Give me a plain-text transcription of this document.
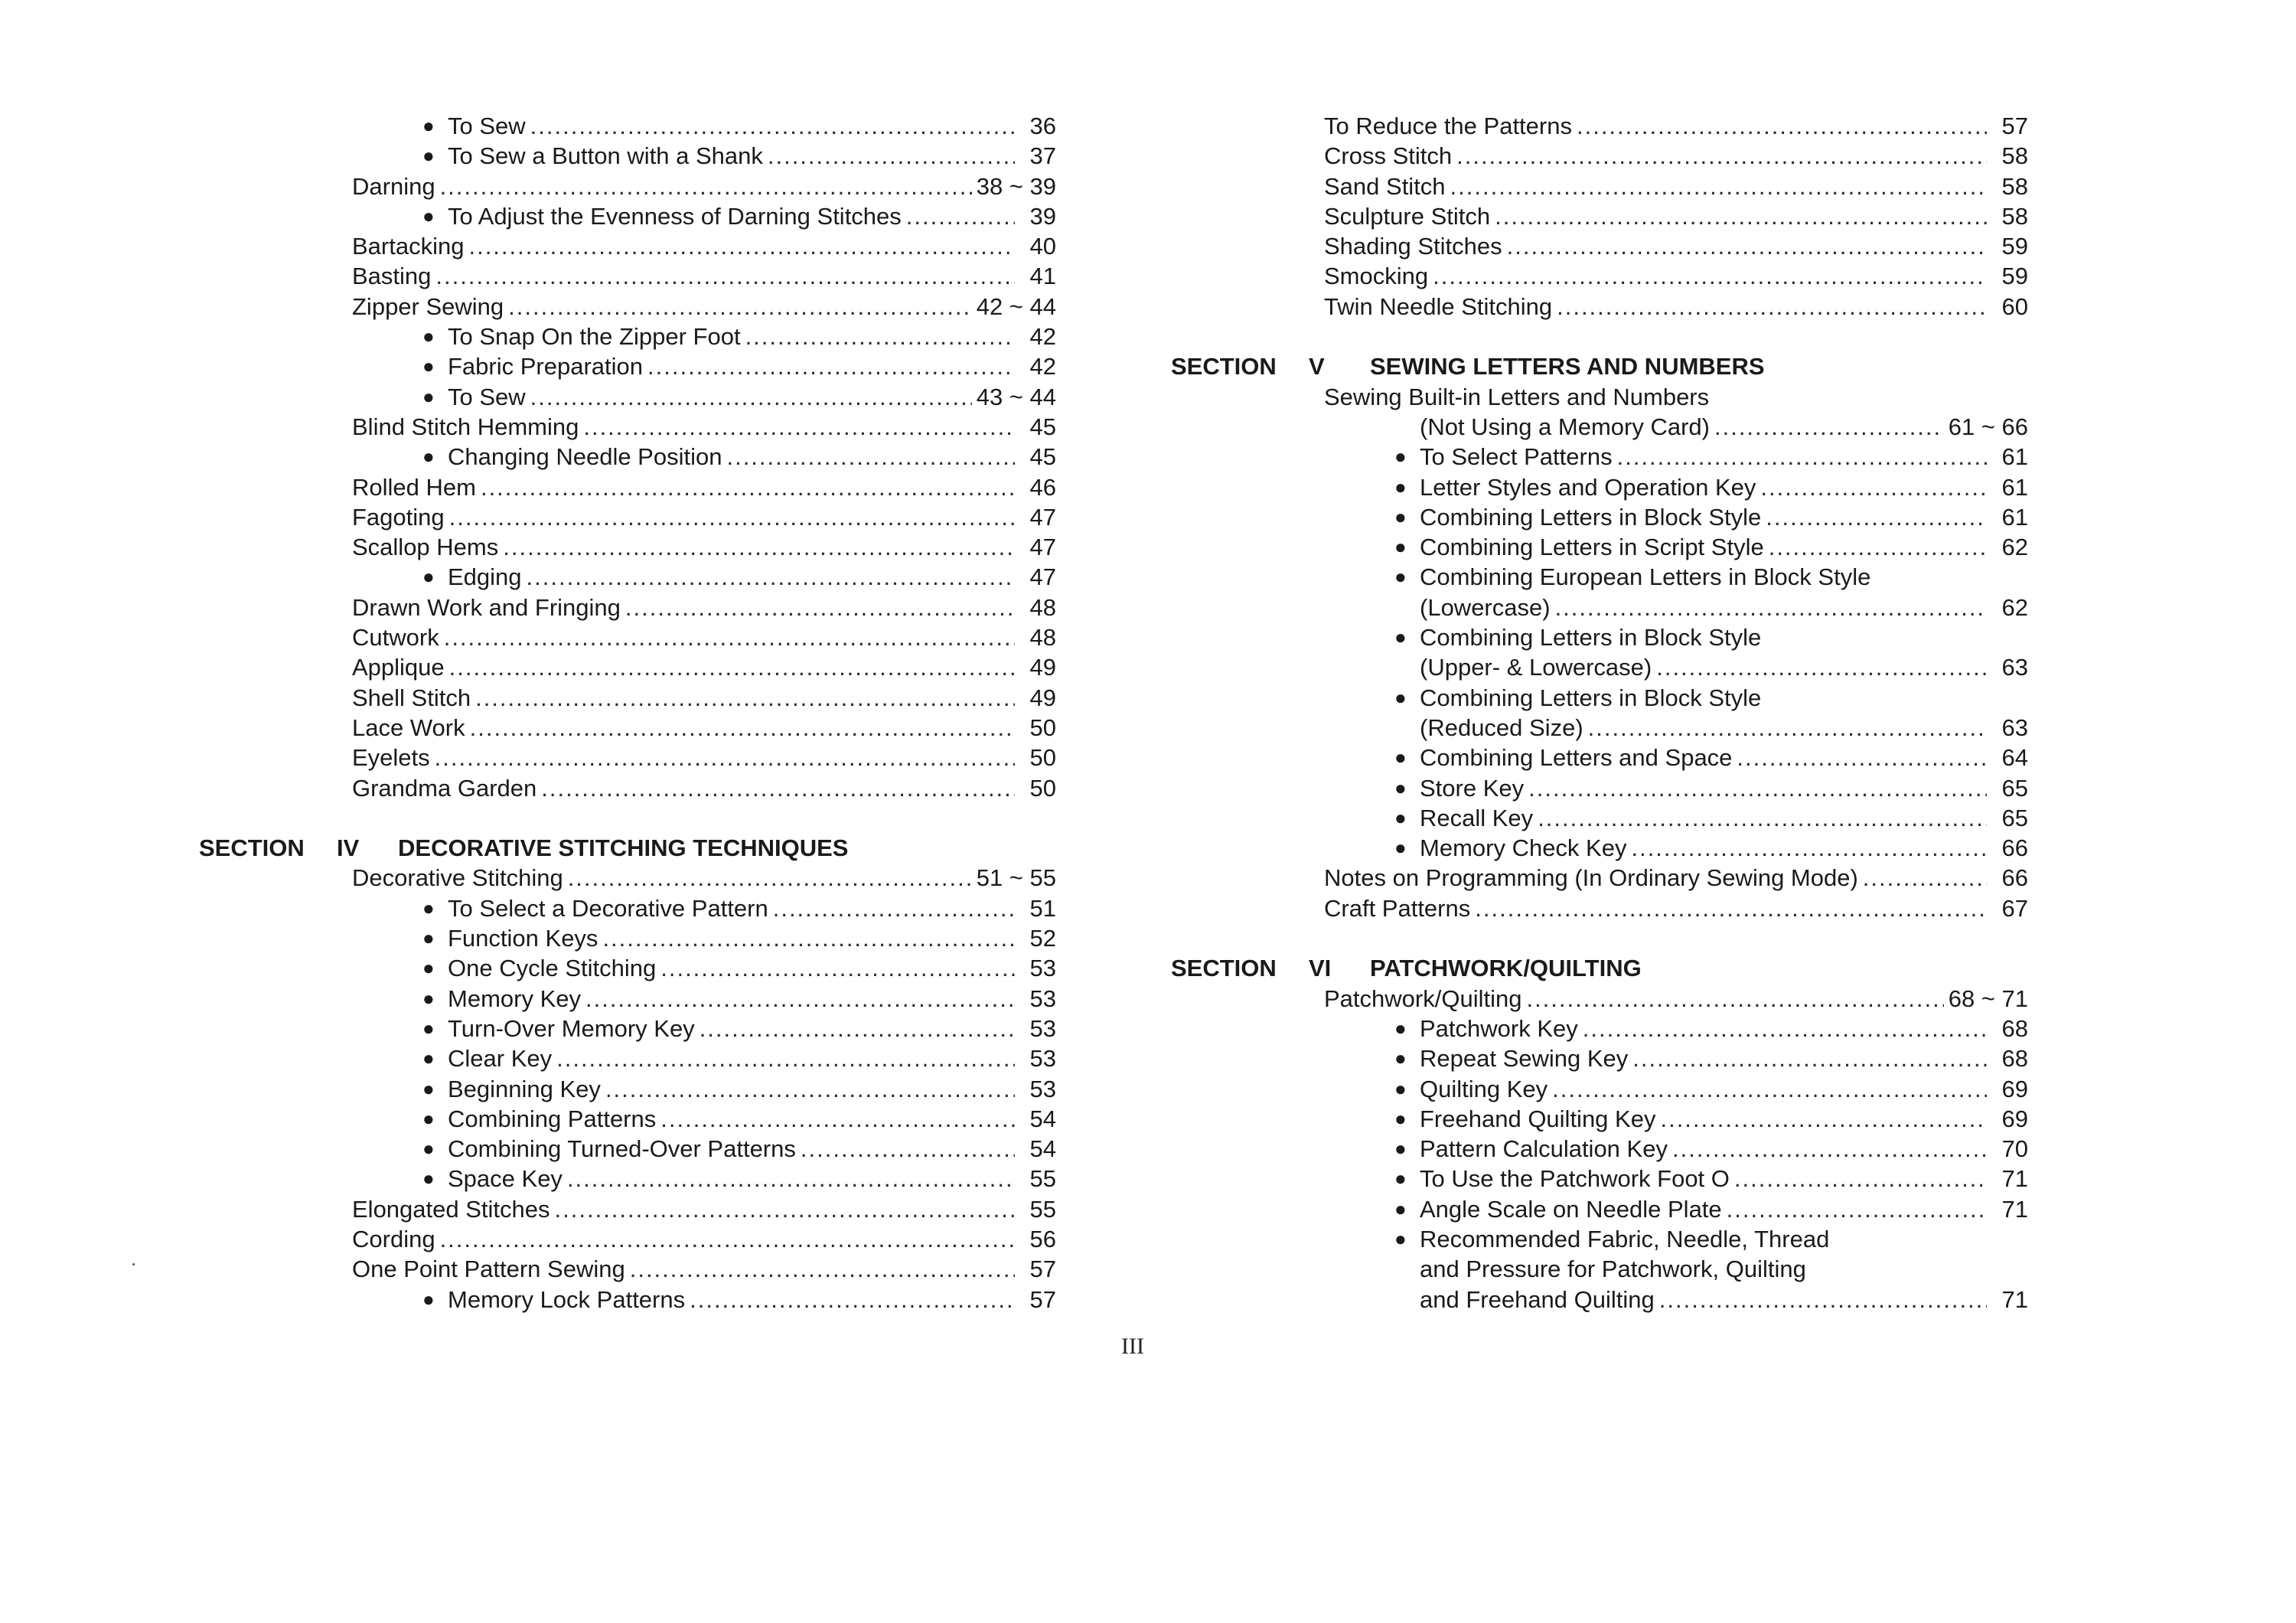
● To Sew .....	36
● To Sew a Button with a Shank .....	37
Darning .....	38 ~ 39
● To Adjust the Evenness of Darning Stitches .....	39
Bartacking .....	40
Basting .....	41
Zipper Sewing .....	42 ~ 44
● To Snap On the Zipper Foot .....	42
● Fabric Preparation .....	42
● To Sew .....	43 ~ 44
Blind Stitch Hemming .....	45
● Changing Needle Position .....	45
Rolled Hem .....	46
Fagoting .....	47
Scallop Hems .....	47
● Edging .....	47
Drawn Work and Fringing .....	48
Cutwork .....	48
Applique .....	49
Shell Stitch .....	49
Lace Work .....	50
Eyelets .....	50
Grandma Garden .....	50
SECTION IV DECORATIVE STITCHING TECHNIQUES
Decorative Stitching .....	51 ~ 55
● To Select a Decorative Pattern .....	51
● Function Keys .....	52
● One Cycle Stitching .....	53
● Memory Key .....	53
● Turn-Over Memory Key .....	53
● Clear Key .....	53
● Beginning Key .....	53
● Combining Patterns .....	54
● Combining Turned-Over Patterns .....	54
● Space Key .....	55
Elongated Stitches .....	55
Cording .....	56
One Point Pattern Sewing .....	57
● Memory Lock Patterns .....	57
To Reduce the Patterns .....	57
Cross Stitch .....	58
Sand Stitch .....	58
Sculpture Stitch .....	58
Shading Stitches .....	59
Smocking .....	59
Twin Needle Stitching .....	60
SECTION V SEWING LETTERS AND NUMBERS
Sewing Built-in Letters and Numbers
(Not Using a Memory Card) .....	61 ~ 66
● To Select Patterns .....	61
● Letter Styles and Operation Key .....	61
● Combining Letters in Block Style .....	61
● Combining Letters in Script Style .....	62
● Combining European Letters in Block Style
(Lowercase) .....	62
● Combining Letters in Block Style
(Upper- & Lowercase) .....	63
● Combining Letters in Block Style
(Reduced Size) .....	63
● Combining Letters and Space .....	64
● Store Key .....	65
● Recall Key .....	65
● Memory Check Key .....	66
Notes on Programming (In Ordinary Sewing Mode) .....	66
Craft Patterns .....	67
SECTION VI PATCHWORK/QUILTING
Patchwork/Quilting .....	68 ~ 71
● Patchwork Key .....	68
● Repeat Sewing Key .....	68
● Quilting Key .....	69
● Freehand Quilting Key .....	69
● Pattern Calculation Key .....	70
● To Use the Patchwork Foot O .....	71
● Angle Scale on Needle Plate .....	71
● Recommended Fabric, Needle, Thread
and Pressure for Patchwork, Quilting
and Freehand Quilting .....	71
III
